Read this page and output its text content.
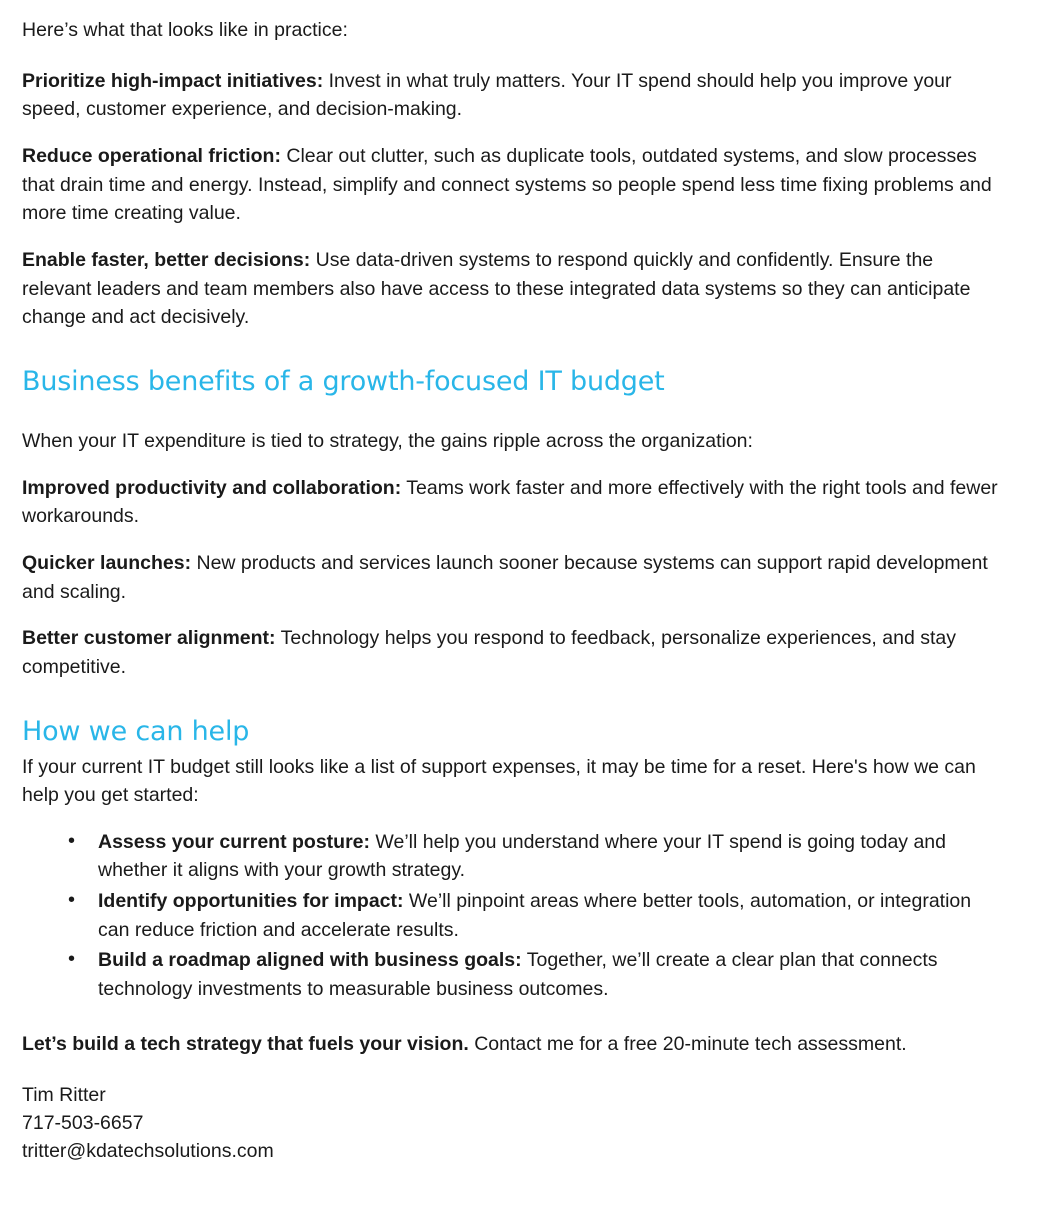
Here’s what that looks like in practice:

Prioritize high-impact initiatives: Invest in what truly matters. Your IT spend should help you improve your speed, customer experience, and decision-making.

Reduce operational friction: Clear out clutter, such as duplicate tools, outdated systems, and slow processes that drain time and energy. Instead, simplify and connect systems so people spend less time fixing problems and more time creating value.

Enable faster, better decisions: Use data-driven systems to respond quickly and confidently. Ensure the relevant leaders and team members also have access to these integrated data systems so they can anticipate change and act decisively.

Business benefits of a growth-focused IT budget

When your IT expenditure is tied to strategy, the gains ripple across the organization:

Improved productivity and collaboration: Teams work faster and more effectively with the right tools and fewer workarounds.

Quicker launches: New products and services launch sooner because systems can support rapid development and scaling.

Better customer alignment: Technology helps you respond to feedback, personalize experiences, and stay competitive.

How we can help

If your current IT budget still looks like a list of support expenses, it may be time for a reset. Here's how we can help you get started:

• Assess your current posture: We’ll help you understand where your IT spend is going today and whether it aligns with your growth strategy.
• Identify opportunities for impact: We’ll pinpoint areas where better tools, automation, or integration can reduce friction and accelerate results.
• Build a roadmap aligned with business goals: Together, we’ll create a clear plan that connects technology investments to measurable business outcomes.

Let’s build a tech strategy that fuels your vision. Contact me for a free 20-minute tech assessment.

Tim Ritter
717-503-6657
tritter@kdatechsolutions.com
